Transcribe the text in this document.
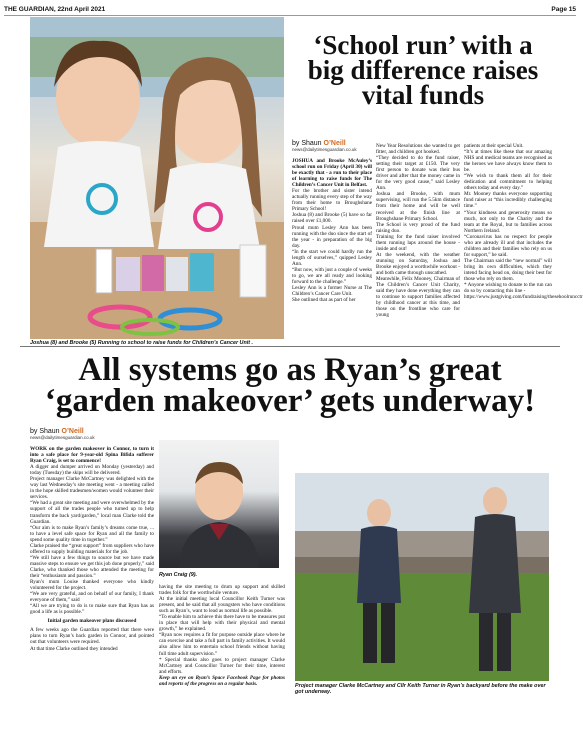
THE GUARDIAN, 22nd April 2021	Page 15
Joshua (8) and Brooke (5) Running to school to raise funds for Children’s Cancer Unit .
‘School run’ with a big difference raises vital funds
by Shaun O’Neill
news@dailytimesguardian.co.uk

JOSHUA and Brooke McAuley’s school run on Friday (April 30) will be exactly that - a run to their place of learning to raise funds for The Children’s Cancer Unit in Belfast.

For the brother and sister intend actually running every step of the way from their home to Broughshane Primary School!

Joshua (8) and Brooke (5) have so far raised over £1,000.

Proud mum Lesley Ann has been running with the duo since the start of the year - in preparation of the big day.

“In the start we could hardly run the length of ourselves,” quipped Lesley Ann.

“But now, with just a couple of weeks to go, we are all ready and looking forward to the challenge.”

Lesley Ann is a former Nurse at The Children’s Cancer Care Unit.

She outlined that as part of her

New Year Resolutions she wanted to get fitter, and children got hooked.

“They decided to do the fund raiser, setting their target at £150. The very first person to donate was their bus driver and after that the money came in for the very good cause,” said Lesley Ann.

Joshua and Brooke, with mum supervising, will run the 5.5km distance from their home and will be well received at the finish line at Broughshane Primary School.

The School is very proud of the fund raising duo.

Training for the fund raiser involved them running laps around the house - inside and out!

At the weekend, with the weather stunning on Saturday, Joshua and Brooke enjoyed a worthwhile workout - and both came through unscathed.

Meanwhile, Felix Mooney, Chairman of The Children’s Cancer Unit Charity, said they have done everything they can to continue to support families affected by childhood cancer at this time, and those on the frontline who care for young

patients at their special Unit.

“It’s at times like these that our amazing NHS and medical teams are recognised as the heroes we have always know them to be.

“We wish to thank them all for their dedication and commitment to helping others today and every day.”

Mr. Mooney thanks everyone supporting fund raiser at “this incredibly challenging time.”

“Your kindness and generosity means so much, not only to the Charity and the team at the Royal, but to families across Northern Ireland.

“Coronavirus has no respect for people who are already ill and that includes the children and their families who rely on us for support,” he said.

The Chairman said the “new normal” will bring its own difficulties, which they intend facing head on, doing their best for those who rely on them.

* Anyone wishing to donate to the run can do so by contacting this line -

https://www.justgiving.com/fundraising/thesehoolruncctr

All systems go as Ryan’s great ‘garden makeover’ gets underway!
by Shaun O’Neill
news@dailytimesguardian.co.uk

WORK on the garden makeover in Connor, to turn it into a safe place for 9-year-old Spina Bifida sufferer Ryan Craig, is set to commence!

A digger and dumper arrived on Monday (yesterday) and today (Tuesday) the skips will be delivered.

Project manager Clarke McCartney was delighted with the way last Wednesday’s site meeting went - a meeting called in the hope skilled tradesmen/women would volunteer their services.

“We had a great site meeting and were overwhelmed by the support of all the trades people who turned up to help transform the back yard/garden,” local man Clarke told the Guardian.

“Our aim is to make Ryan’s family’s dreams come true, ... to have a level safe space for Ryan and all the family to spend some quality time in together.”

Clarke praised the “great support” from suppliers who have offered to supply building materials for the job.

“We still have a few things to source but we have made massive steps to ensure we get this job done properly,” said Clarke, who thanked those who attended the meeting for their “enthusiasm and passion.”

Ryan’s mum Louise thanked everyone who kindly volunteered for the project.

“We are very grateful, and on behalf of our family, I thank everyone of them,” said

“All we are trying to do is to make sure that Ryan has as good a life as is possible.”

Initial garden makeover plans discussed

A few weeks ago the Guardian reported that there were plans to turn Ryan’s back garden in Connor, and pointed out that volunteers were required.

At that time Clarke outlined they intended

Ryan Craig (9).

having the site meeting to drum up support and skilled trades folk for the worthwhile venture.

At the initial meeting local Councillor Keith Turner was present, and he said that all youngsters who have conditions such as Ryan’s, want to lead as normal life as possible.

“To enable him to achieve this there have to be measures put in place that will help with their physical and mental growth,” he explained.

“Ryan now requires a fit for purpose outside place where he can exercise and take a full part in family activities. It would also allow him to entertain school friends without having full time adult supervision.”

* Special thanks also goes to project manager Clarke McCartney and Councillor Turner for their time, interest and efforts.

Keep an eye on Ryan’s Space Facebook Page for photos and reports of the progress on a regular basis.	Project manager Clarke McCartney and Cllr Keith Turner in Ryan’s backyard before the make over got underway.
